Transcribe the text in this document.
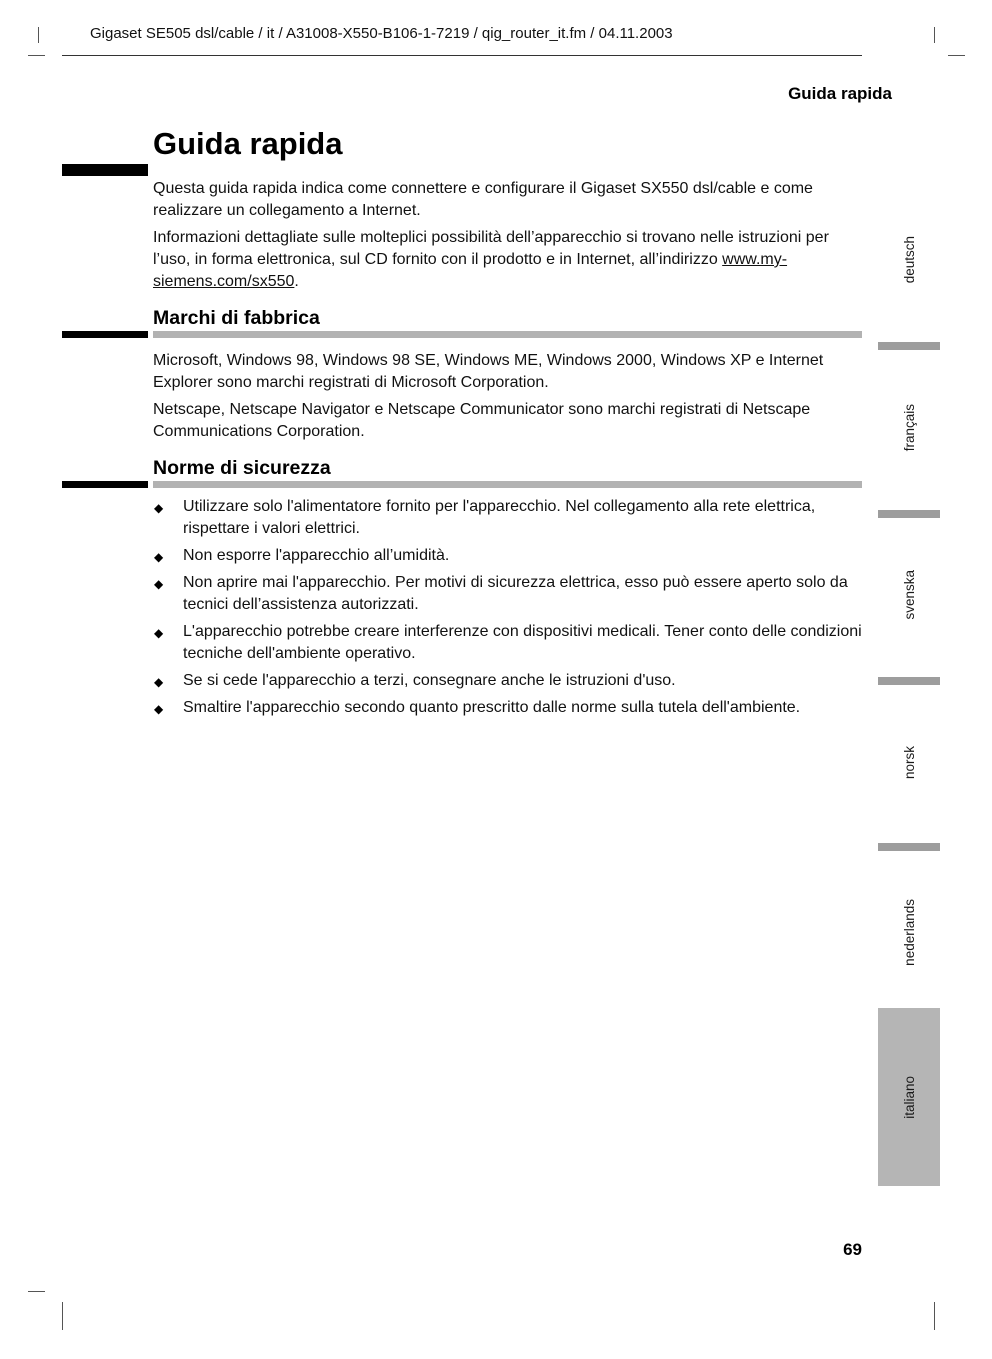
Gigaset SE505 dsl/cable / it / A31008-X550-B106-1-7219 / qig_router_it.fm / 04.11.2003
Guida rapida
Guida rapida

Questa guida rapida indica come connettere e configurare il Gigaset SX550 dsl/cable e come realizzare un collegamento a Internet.

Informazioni dettagliate sulle molteplici possibilità dell’apparecchio si trovano nelle istruzioni per l’uso, in forma elettronica, sul CD fornito con il prodotto e in Internet, all’indirizzo www.my-siemens.com/sx550.

Marchi di fabbrica

Microsoft, Windows 98, Windows 98 SE, Windows ME, Windows 2000, Windows XP e Internet Explorer sono marchi registrati di Microsoft Corporation.

Netscape, Netscape Navigator e Netscape Communicator sono marchi registrati di Netscape Communications Corporation.

Norme di sicurezza
◆ Utilizzare solo l'alimentatore fornito per l'apparecchio. Nel collegamento alla rete elettrica, rispettare i valori elettrici.
◆ Non esporre l'apparecchio all’umidità.
◆ Non aprire mai l'apparecchio. Per motivi di sicurezza elettrica, esso può essere aperto solo da tecnici dell’assistenza autorizzati.
◆ L'apparecchio potrebbe creare interferenze con dispositivi medicali. Tener conto delle condizioni tecniche dell'ambiente operativo.
◆ Se si cede l'apparecchio a terzi, consegnare anche le istruzioni d'uso.
◆ Smaltire l'apparecchio secondo quanto prescritto dalle norme sulla tutela dell'ambiente.
deutsch
français
svenska
norsk
nederlands
italiano
69
